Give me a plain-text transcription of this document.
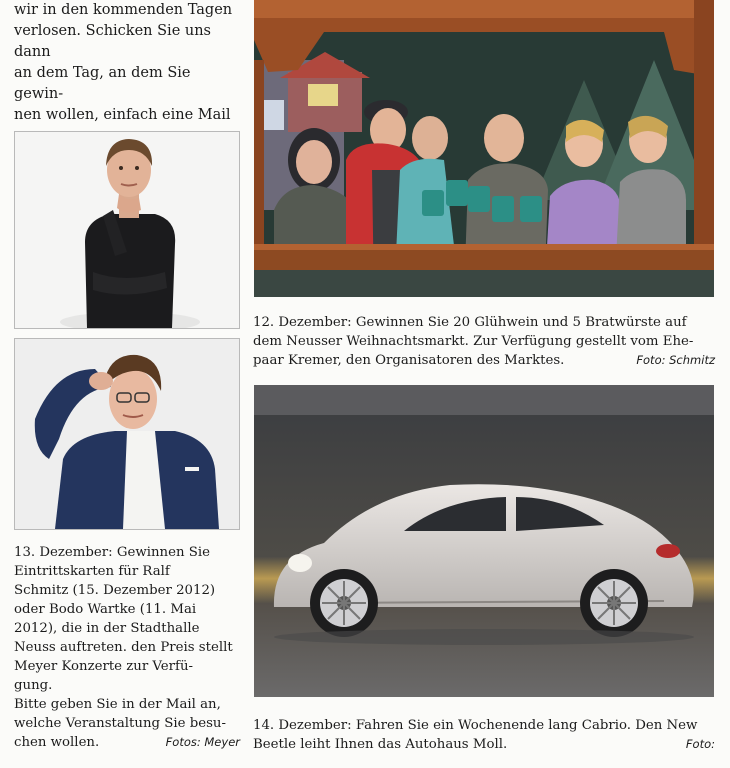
wir in den kommenden Tagen

verlosen. Schicken Sie uns dann

an dem Tag, an dem Sie gewin-

nen wollen, einfach eine Mail

12. Dezember: Gewinnen Sie 20 Glühwein und 5 Bratwürste auf

dem Neusser Weihnachtsmarkt. Zur Verfügung gestellt vom Ehe-

paar Kremer, den Organisatoren des Marktes.	Foto: Schmitz

14. Dezember: Fahren Sie ein Wochenende lang Cabrio. Den New

Beetle leiht Ihnen das Autohaus Moll.	Foto:

13. Dezember: Gewinnen Sie

Eintrittskarten für Ralf

Schmitz (15. Dezember 2012)

oder Bodo Wartke (11. Mai

2012), die in der Stadthalle

Neuss auftreten. den Preis stellt

Meyer Konzerte zur Verfü-

gung.

Bitte geben Sie in der Mail an,

welche Veranstaltung Sie besu-

chen wollen.	Fotos: Meyer
